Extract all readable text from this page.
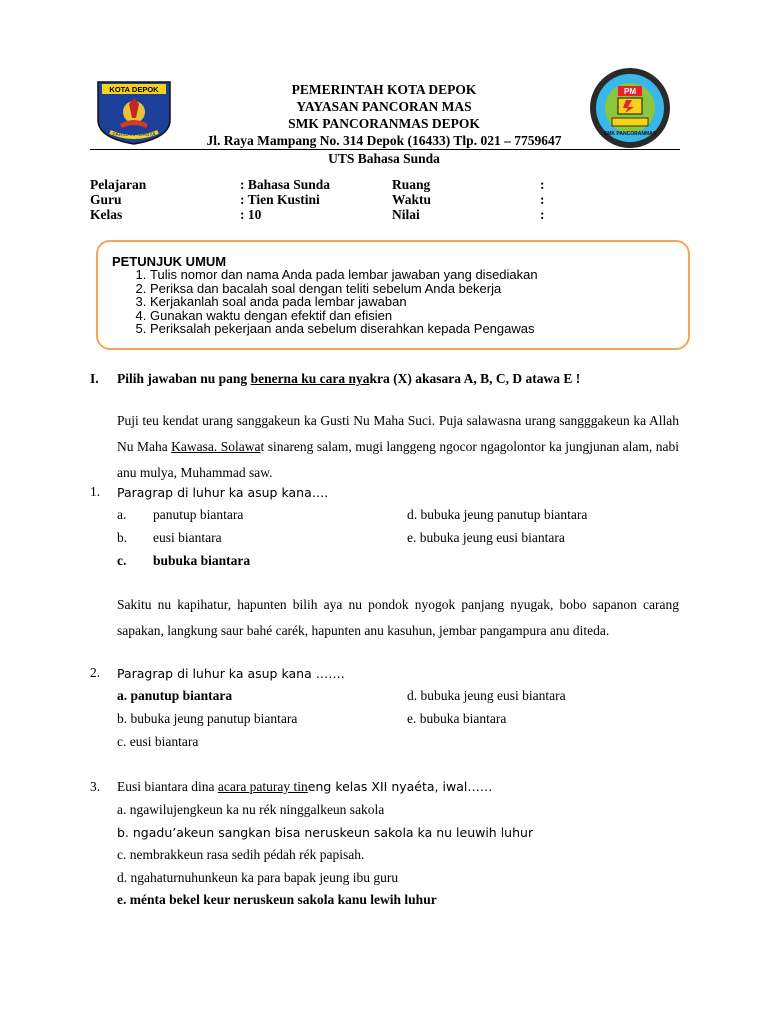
KOTA DEPOK
PARICARA DANYA
PM
SMK PANCORANMAS
PEMERINTAH KOTA DEPOK
YAYASAN PANCORAN MAS
SMK PANCORANMAS DEPOK
Jl. Raya Mampang No. 314 Depok (16433) Tlp. 021 – 7759647
UTS Bahasa Sunda
Pelajaran	: Bahasa Sunda	Ruang	:
Guru	: Tien Kustini	Waktu	:
Kelas	: 10	Nilai	:
PETUNJUK UMUM
1. Tulis nomor dan nama Anda pada lembar jawaban yang disediakan
2. Periksa dan bacalah soal dengan teliti sebelum Anda bekerja
3. Kerjakanlah soal anda pada lembar jawaban
4. Gunakan waktu dengan efektif dan efisien
5. Periksalah pekerjaan anda sebelum diserahkan kepada Pengawas
I. Pilih jawaban nu pang benerna ku cara nyakra (X) akasara A, B, C, D atawa E !
Puji teu kendat urang sanggakeun ka Gusti Nu Maha Suci. Puja salawasna urang sangggakeun ka Allah Nu Maha Kawasa. Solawat sinareng salam, mugi langgeng ngocor ngagolontor ka jungjunan alam, nabi anu mulya, Muhammad saw.
1. Paragrap di luhur ka asup kana….
a. panutup biantara	d. bubuka jeung panutup biantara
b. eusi biantara	e. bubuka jeung eusi biantara
c. bubuka biantara
Sakitu nu kapihatur, hapunten bilih aya nu pondok nyogok panjang nyugak, bobo sapanon carang sapakan, langkung saur bahé carék, hapunten anu kasuhun, jembar pangampura anu diteda.
2. Paragrap di luhur ka asup kana …….
a. panutup biantara	d. bubuka jeung eusi biantara
b. bubuka jeung panutup biantara	e. bubuka biantara
c. eusi biantara
3. Eusi biantara dina acara paturay tineng kelas XII nyaéta, iwal……
a. ngawilujengkeun ka nu rék ninggalkeun sakola
b. ngadu’akeun sangkan bisa neruskeun sakola ka nu leuwih luhur
c. nembrakkeun rasa sedih pédah rék papisah.
d. ngahaturnuhunkeun ka para bapak jeung ibu guru
e. ménta bekel keur neruskeun sakola kanu lewih luhur
